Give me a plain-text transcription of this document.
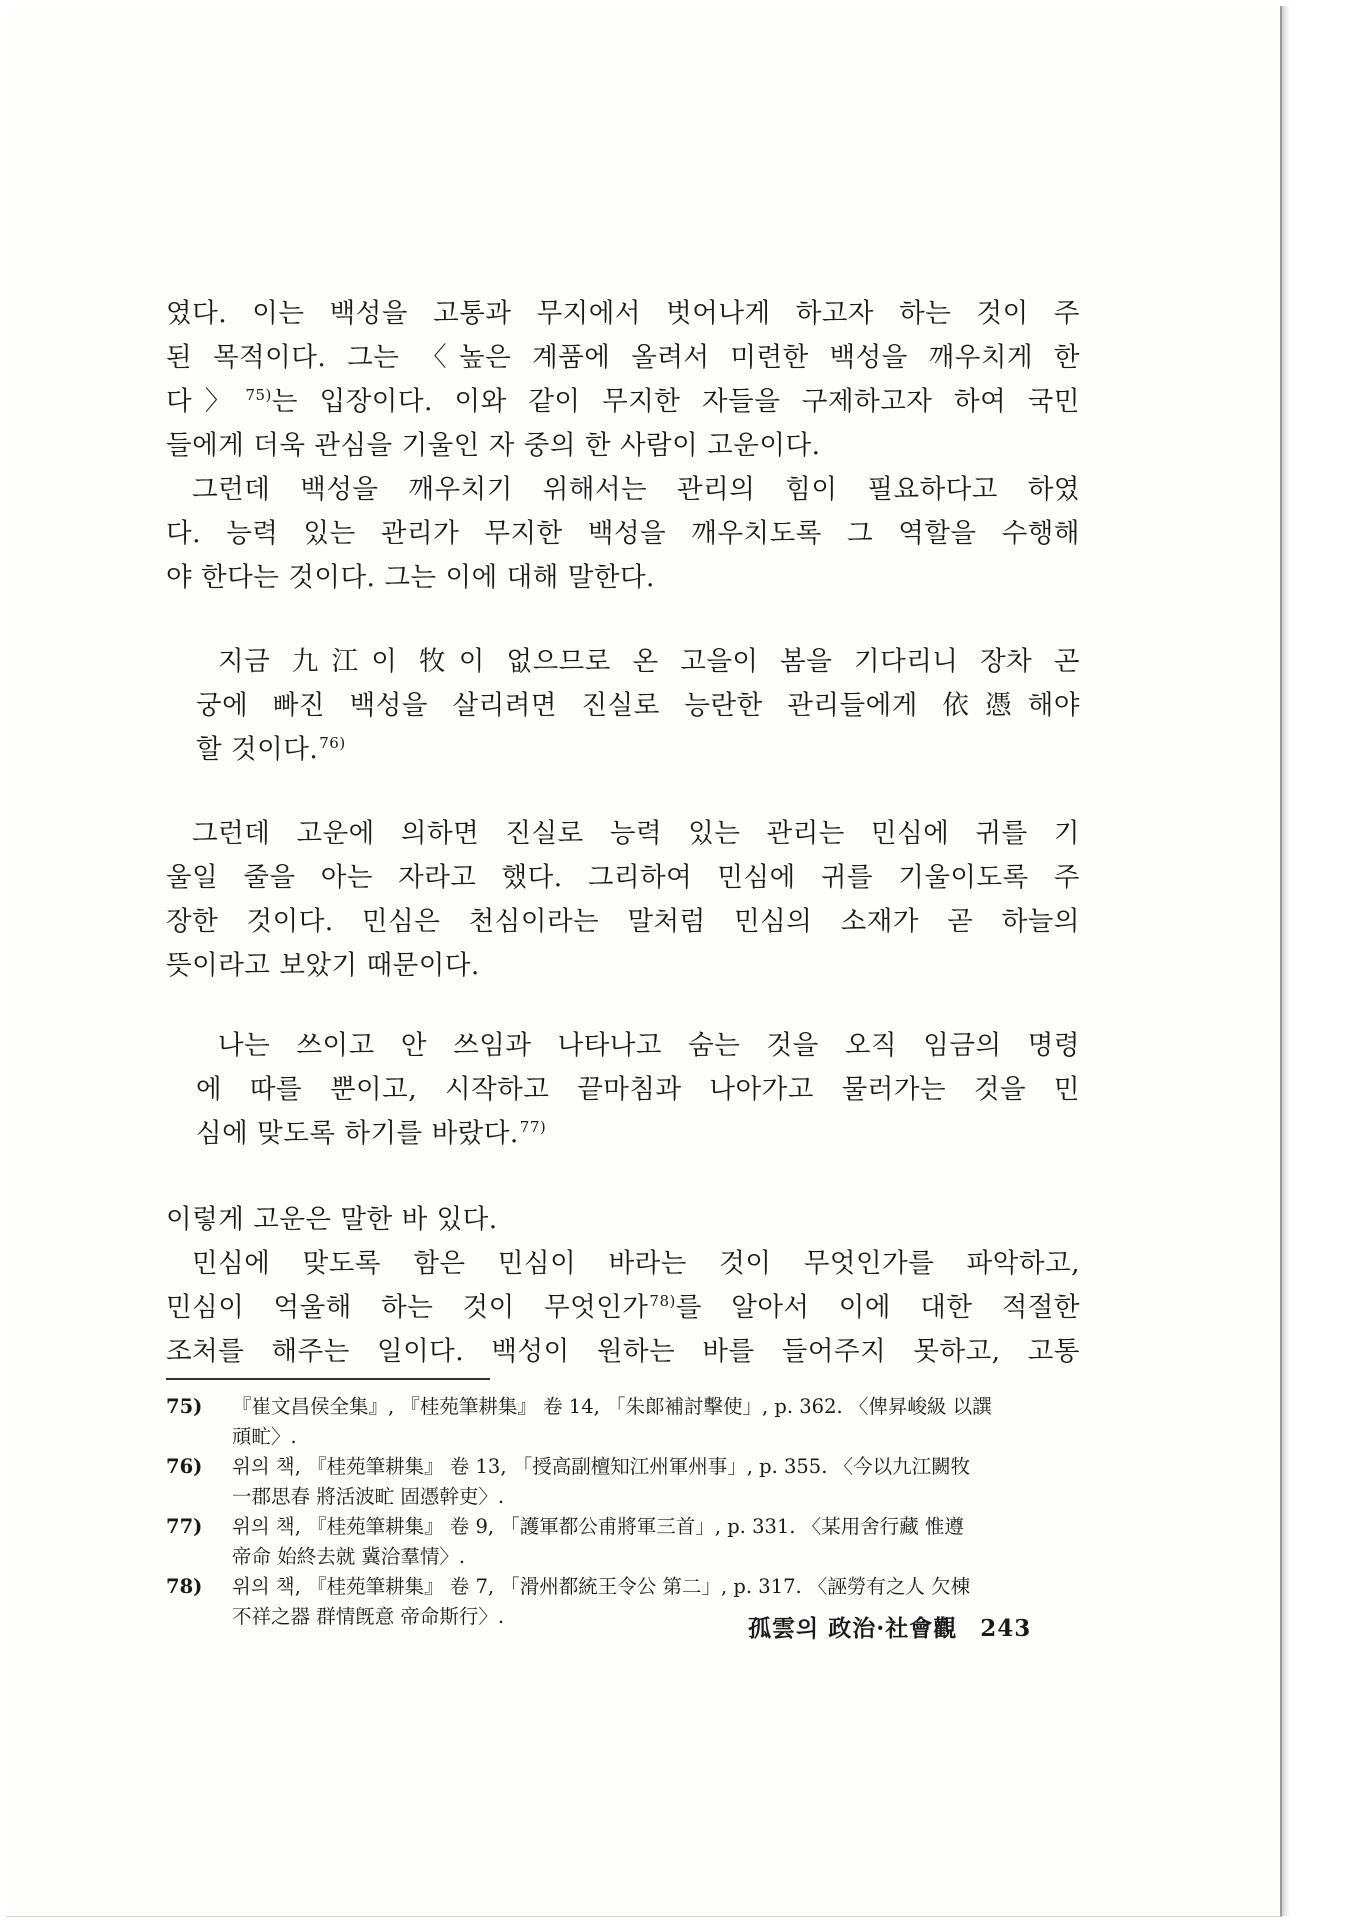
였다. 이는 백성을 고통과 무지에서 벗어나게 하고자 하는 것이 주
된 목적이다. 그는 〈높은 계품에 올려서 미련한 백성을 깨우치게 한
다〉$^{75)}$는 입장이다. 이와 같이 무지한 자들을 구제하고자 하여 국민
들에게 더욱 관심을 기울인 자 중의 한 사람이 고운이다.
그런데 백성을 깨우치기 위해서는 관리의 힘이 필요하다고 하였
다. 능력 있는 관리가 무지한 백성을 깨우치도록 그 역할을 수행해
야 한다는 것이다. 그는 이에 대해 말한다.
지금 九江이 牧이 없으므로 온 고을이 봄을 기다리니 장차 곤
궁에 빠진 백성을 살리려면 진실로 능란한 관리들에게 依憑해야
할 것이다.$^{76)}$
그런데 고운에 의하면 진실로 능력 있는 관리는 민심에 귀를 기
울일 줄을 아는 자라고 했다. 그리하여 민심에 귀를 기울이도록 주
장한 것이다. 민심은 천심이라는 말처럼 민심의 소재가 곧 하늘의
뜻이라고 보았기 때문이다.
나는 쓰이고 안 쓰임과 나타나고 숨는 것을 오직 임금의 명령
에 따를 뿐이고, 시작하고 끝마침과 나아가고 물러가는 것을 민
심에 맞도록 하기를 바랐다.$^{77)}$
이렇게 고운은 말한 바 있다.
민심에 맞도록 함은 민심이 바라는 것이 무엇인가를 파악하고,
민심이 억울해 하는 것이 무엇인가$^{78)}$를 알아서 이에 대한 적절한
조처를 해주는 일이다. 백성이 원하는 바를 들어주지 못하고, 고통
75)	『崔文昌侯全集』, 『桂苑筆耕集』 卷 14, 「朱郞補討擊使」, p. 362. 〈俾昇峻級 以譔
頑甿〉.
76)	위의 책, 『桂苑筆耕集』 卷 13, 「授高副檀知江州軍州事」, p. 355. 〈今以九江闕牧
一郡思春 將活波甿 固憑幹吏〉.
77)	위의 책, 『桂苑筆耕集』 卷 9, 「護軍都公甫將軍三首」, p. 331. 〈某用舍行藏 惟遵
帝命 始終去就 冀洽羣情〉.
78)	위의 책, 『桂苑筆耕集』 卷 7, 「滑州都統王令公 第二」, p. 317. 〈誣勞有之人 欠棟
不祥之器 群情旣意 帝命斯行〉.	孤雲의 政治·社會觀 243
